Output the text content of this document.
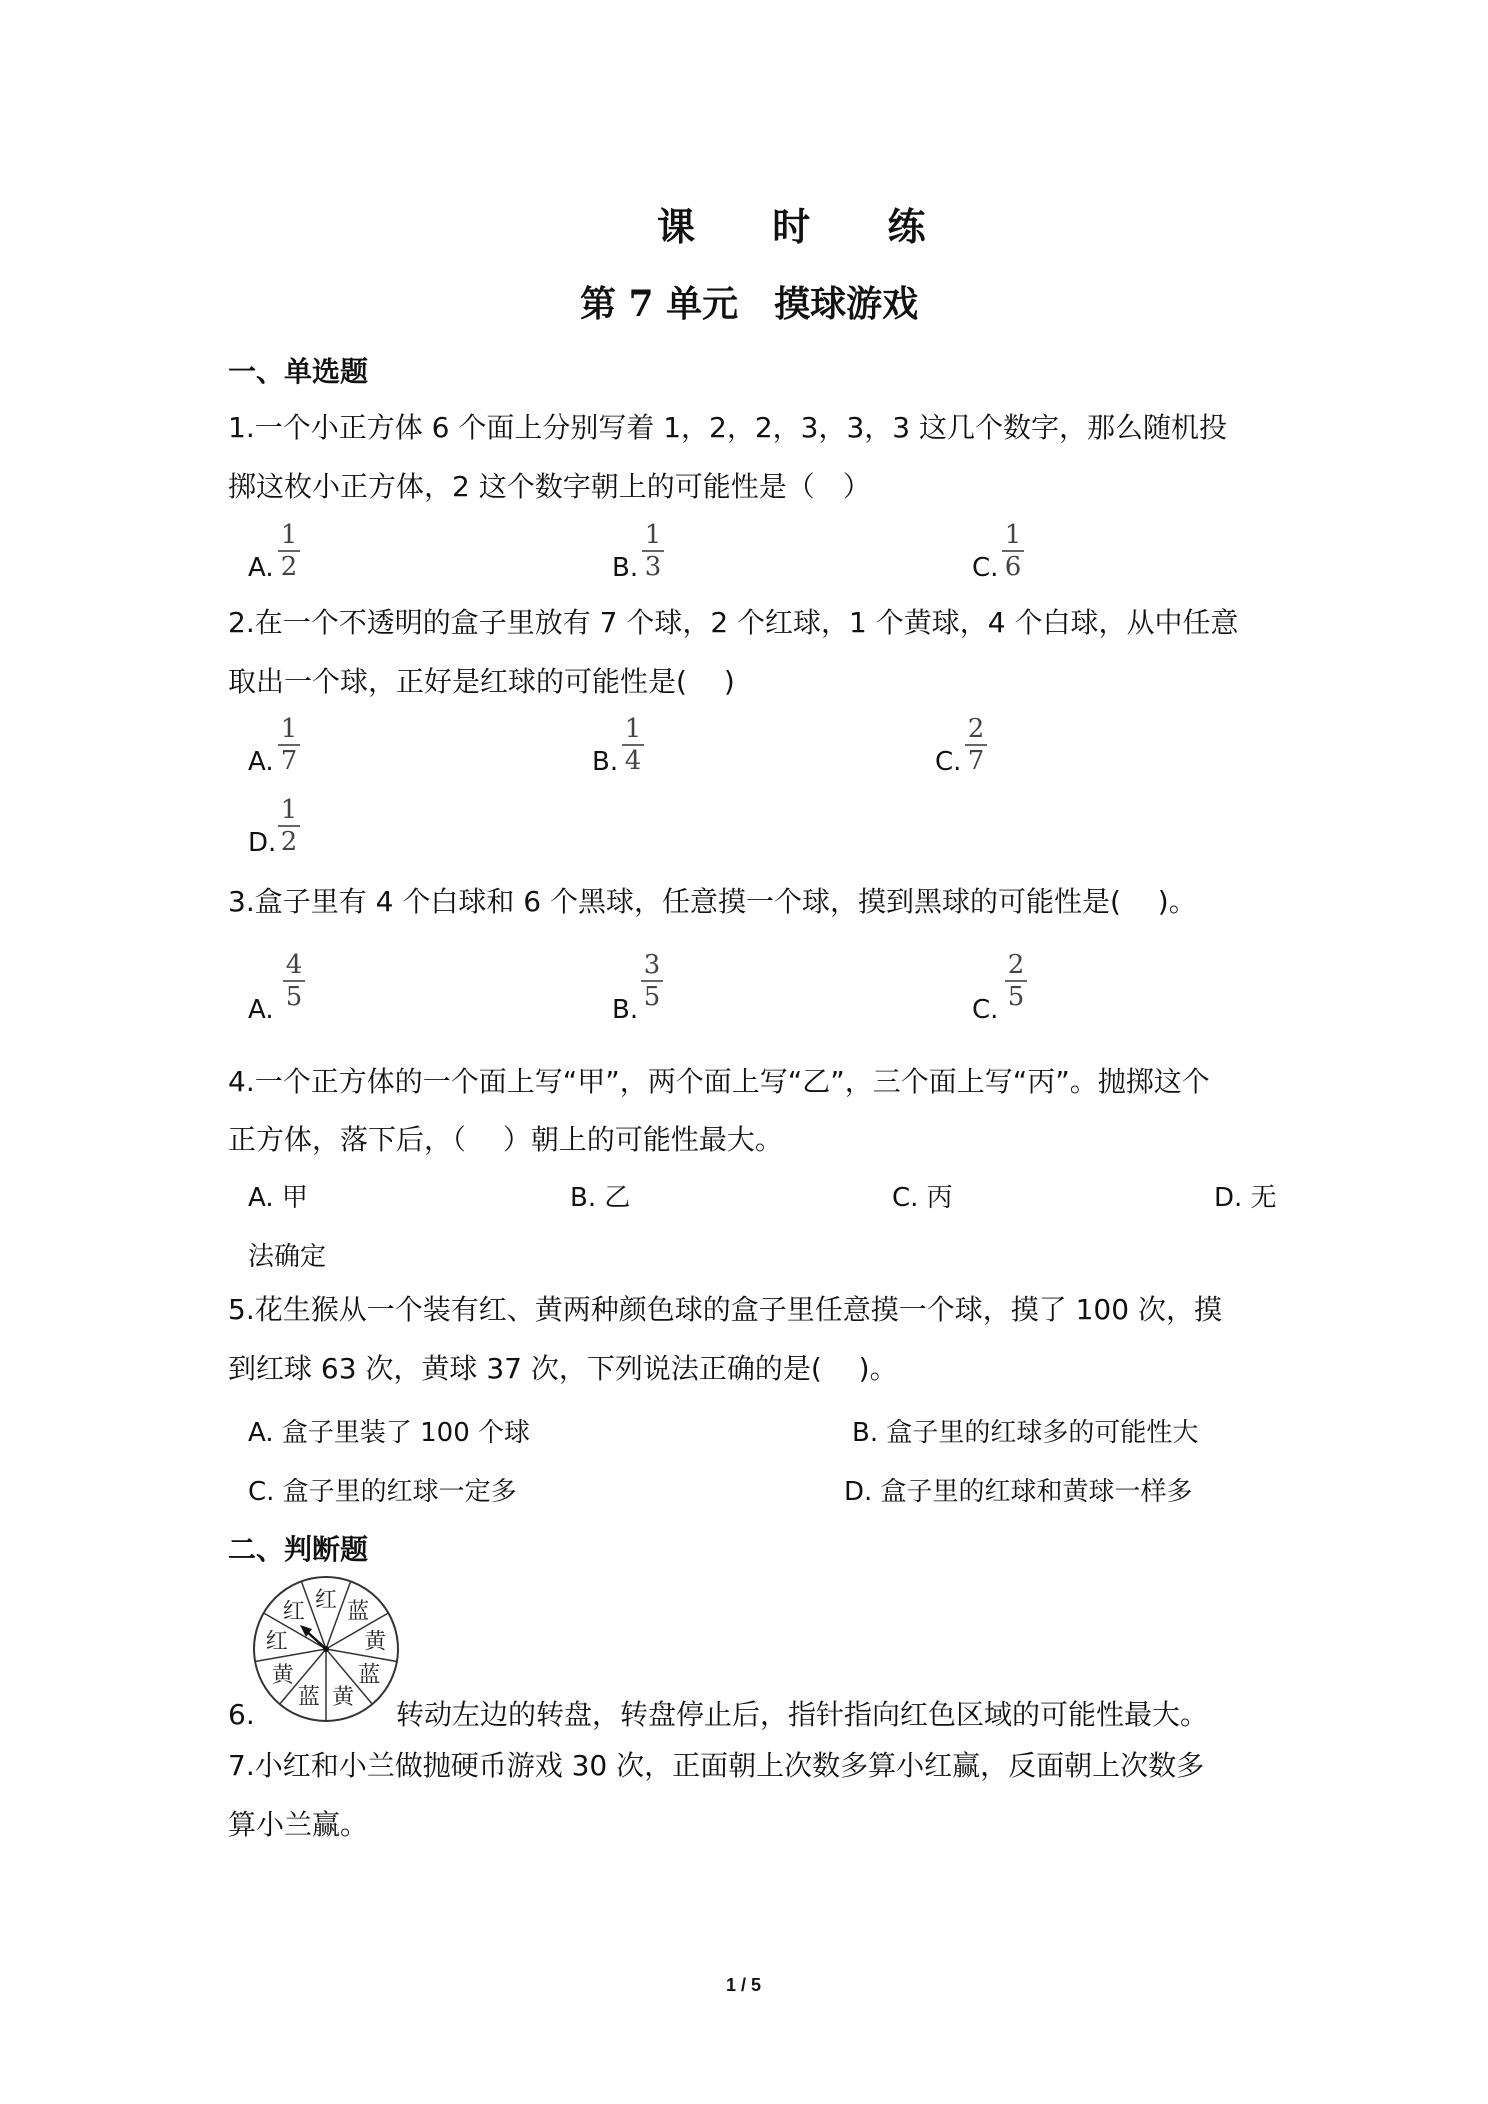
课 时 练
第 7 单元　摸球游戏
一、单选题
1.一个小正方体 6 个面上分别写着 1，2，2，3，3，3 这几个数字，那么随机投
掷这枚小正方体，2 这个数字朝上的可能性是（　）
A.
1
2	B.
1
3	C.
1
6
2.在一个不透明的盒子里放有 7 个球，2 个红球，1 个黄球，4 个白球，从中任意
取出一个球，正好是红球的可能性是(　 )
A.
1
7	B.
1
4	C.
2
7
D.
1
2
3.盒子里有 4 个白球和 6 个黑球，任意摸一个球，摸到黑球的可能性是(　 )。
A.
4
5	B.
3
5	C.
2
5
4.一个正方体的一个面上写“甲”，两个面上写“乙”，三个面上写“丙”。抛掷这个
正方体，落下后，（　 ）朝上的可能性最大。
A. 甲	B. 乙	C. 丙	D. 无
法确定
5.花生猴从一个装有红、黄两种颜色球的盒子里任意摸一个球，摸了 100 次，摸
到红球 63 次，黄球 37 次，下列说法正确的是(　 )。
A. 盒子里装了 100 个球	B. 盒子里的红球多的可能性大
C. 盒子里的红球一定多	D. 盒子里的红球和黄球一样多
二、判断题
6.
红 蓝
黄
蓝
黄
蓝
黄
红
红
转动左边的转盘，转盘停止后，指针指向红色区域的可能性最大。
7.小红和小兰做抛硬币游戏 30 次，正面朝上次数多算小红赢，反面朝上次数多
算小兰赢。
1 / 5
